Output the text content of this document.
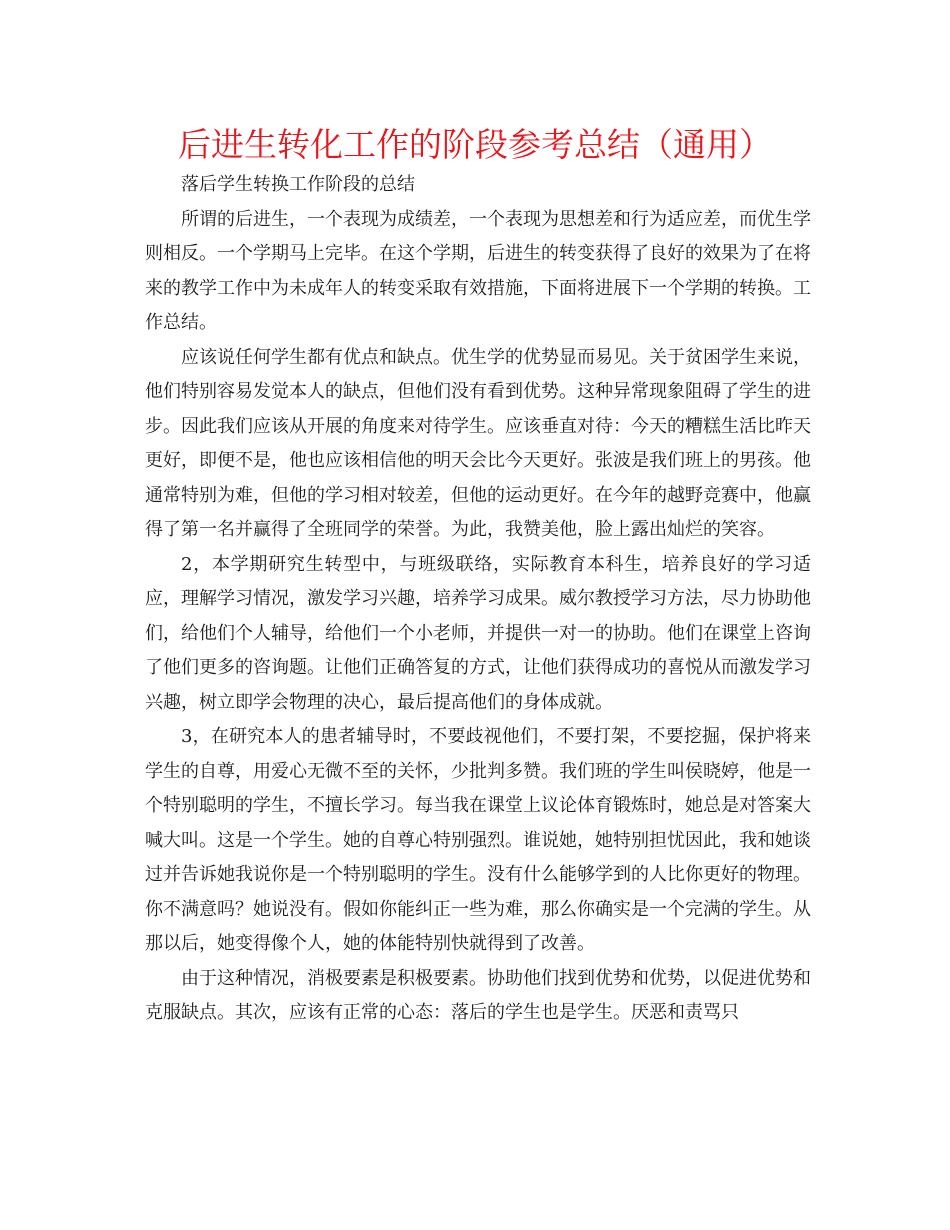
后进生转化工作的阶段参考总结（通用）

落后学生转换工作阶段的总结

所谓的后进生，一个表现为成绩差，一个表现为思想差和行为适应差，而优生学则相反。一个学期马上完毕。在这个学期，后进生的转变获得了良好的效果为了在将来的教学工作中为未成年人的转变采取有效措施，下面将进展下一个学期的转换。工作总结。

应该说任何学生都有优点和缺点。优生学的优势显而易见。关于贫困学生来说，他们特别容易发觉本人的缺点，但他们没有看到优势。这种异常现象阻碍了学生的进步。因此我们应该从开展的角度来对待学生。应该垂直对待：今天的糟糕生活比昨天更好，即便不是，他也应该相信他的明天会比今天更好。张波是我们班上的男孩。他通常特别为难，但他的学习相对较差，但他的运动更好。在今年的越野竞赛中，他赢得了第一名并赢得了全班同学的荣誉。为此，我赞美他，脸上露出灿烂的笑容。

2，本学期研究生转型中，与班级联络，实际教育本科生，培养良好的学习适应，理解学习情况，激发学习兴趣，培养学习成果。威尔教授学习方法，尽力协助他们，给他们个人辅导，给他们一个小老师，并提供一对一的协助。他们在课堂上咨询了他们更多的咨询题。让他们正确答复的方式，让他们获得成功的喜悦从而激发学习兴趣，树立即学会物理的决心，最后提高他们的身体成就。

3，在研究本人的患者辅导时，不要歧视他们，不要打架，不要挖掘，保护将来学生的自尊，用爱心无微不至的关怀，少批判多赞。我们班的学生叫侯晓婷，他是一个特别聪明的学生，不擅长学习。每当我在课堂上议论体育锻炼时，她总是对答案大喊大叫。这是一个学生。她的自尊心特别强烈。谁说她，她特别担忧因此，我和她谈过并告诉她我说你是一个特别聪明的学生。没有什么能够学到的人比你更好的物理。你不满意吗？她说没有。假如你能纠正一些为难，那么你确实是一个完满的学生。从那以后，她变得像个人，她的体能特别快就得到了改善。

由于这种情况，消极要素是积极要素。协助他们找到优势和优势，以促进优势和克服缺点。其次，应该有正常的心态：落后的学生也是学生。厌恶和责骂只
